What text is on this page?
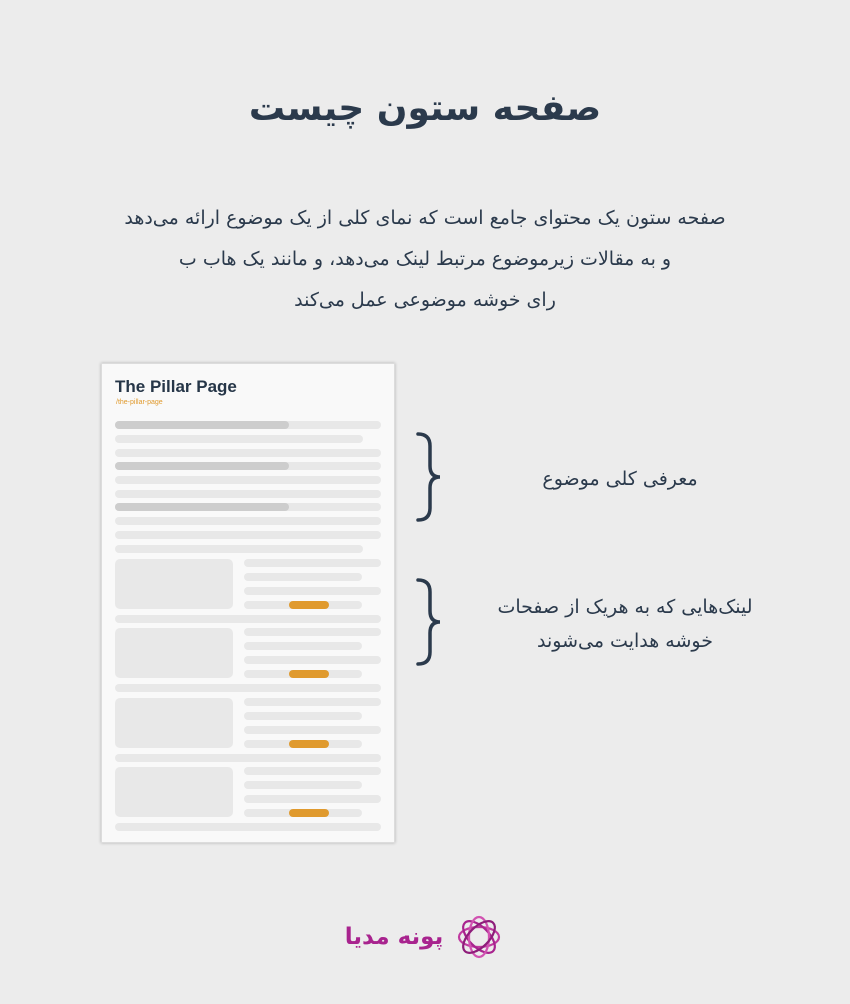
صفحه ستون چیست
صفحه ستون یک محتوای جامع است که نمای کلی از یک موضوع ارائه می‌دهد
و به مقالات زیرموضوع مرتبط لینک می‌دهد، و مانند یک هاب ب
رای خوشه موضوعی عمل می‌کند
The Pillar Page
/the-pillar-page
معرفی کلی موضوع
لینک‌هایی که به هریک از صفحات
خوشه هدایت می‌شوند
پونه مدیا
